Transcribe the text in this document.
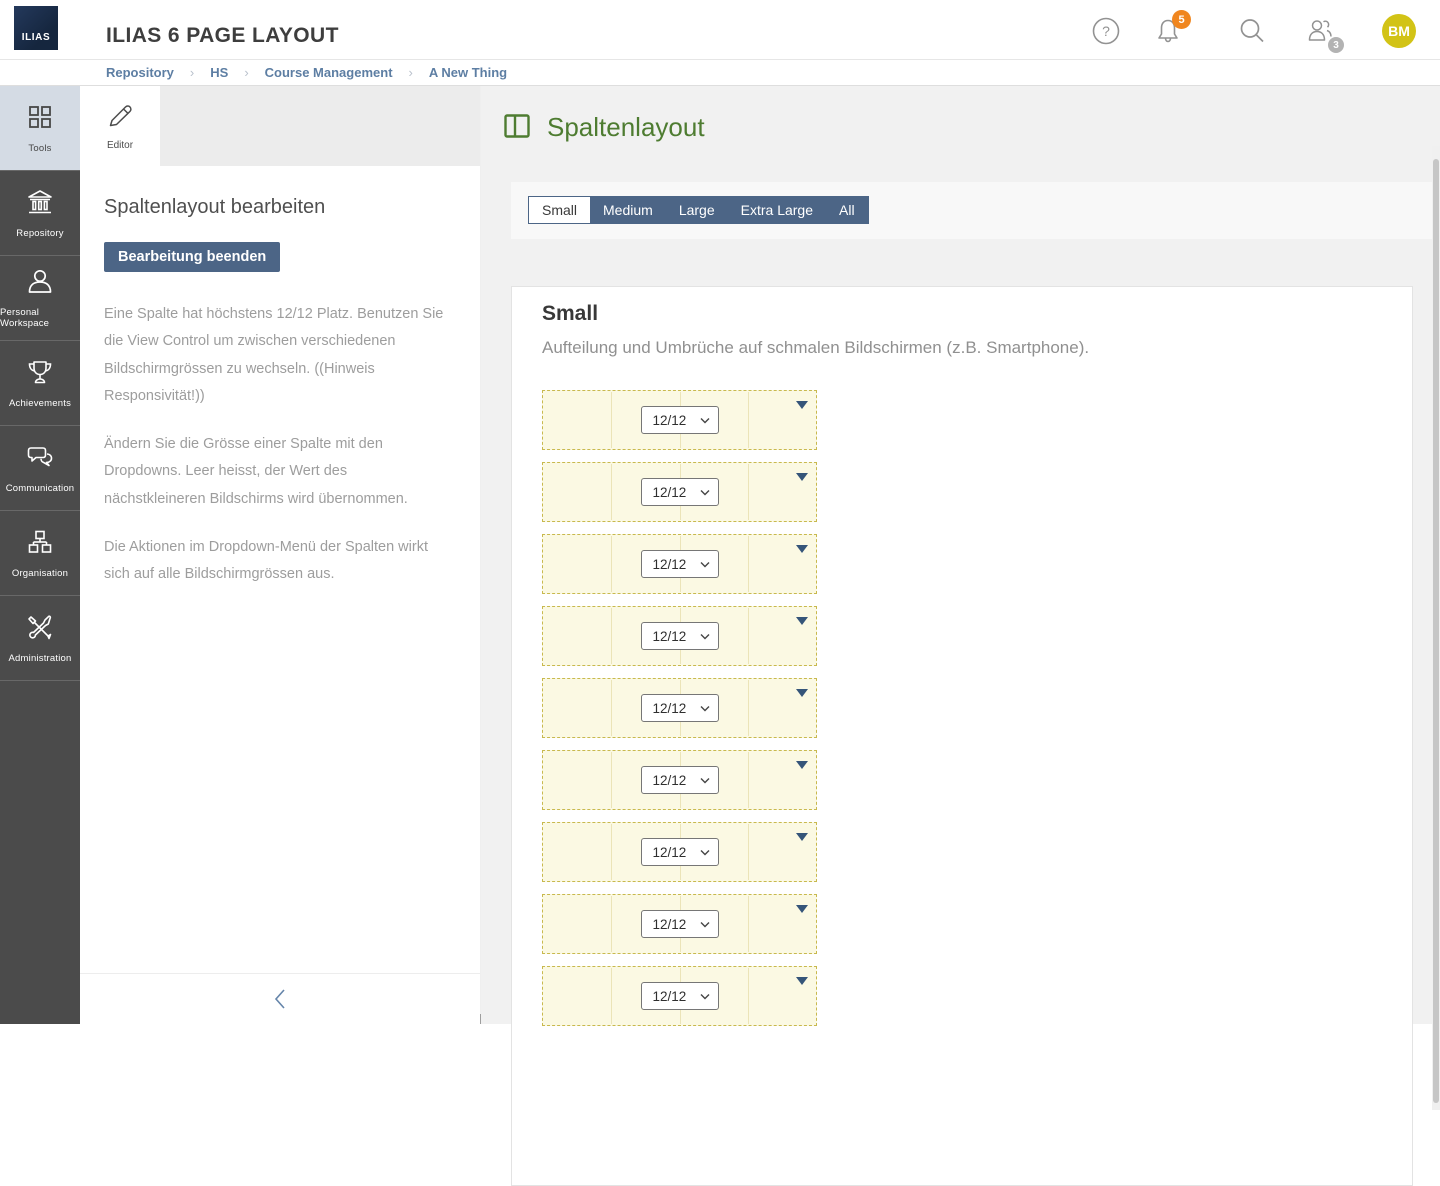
ILIAS	ILIAS 6 PAGE LAYOUT	?
5
3
BM
Repository › HS › Course Management › A New Thing
Tools
Repository
Personal Workspace
Achievements
Communication
Organisation
Administration
Editor
Spaltenlayout bearbeiten
Bearbeitung beenden

Eine Spalte hat höchstens 12/12 Platz. Benutzen Sie die View Control um zwischen verschiedenen Bildschirmgrössen zu wechseln. ((Hinweis Responsivität!))

Ändern Sie die Grösse einer Spalte mit den Dropdowns. Leer heisst, der Wert des nächstkleineren Bildschirms wird übernommen.

Die Aktionen im Dropdown-Menü der Spalten wirkt sich auf alle Bildschirmgrössen aus.

Spaltenlayout
Small	Medium	Large	Extra Large	All
Small
Aufteilung und Umbrüche auf schmalen Bildschirmen (z.B. Smartphone).
12/12
12/12
12/12
12/12
12/12
12/12
12/12
12/12
12/12
